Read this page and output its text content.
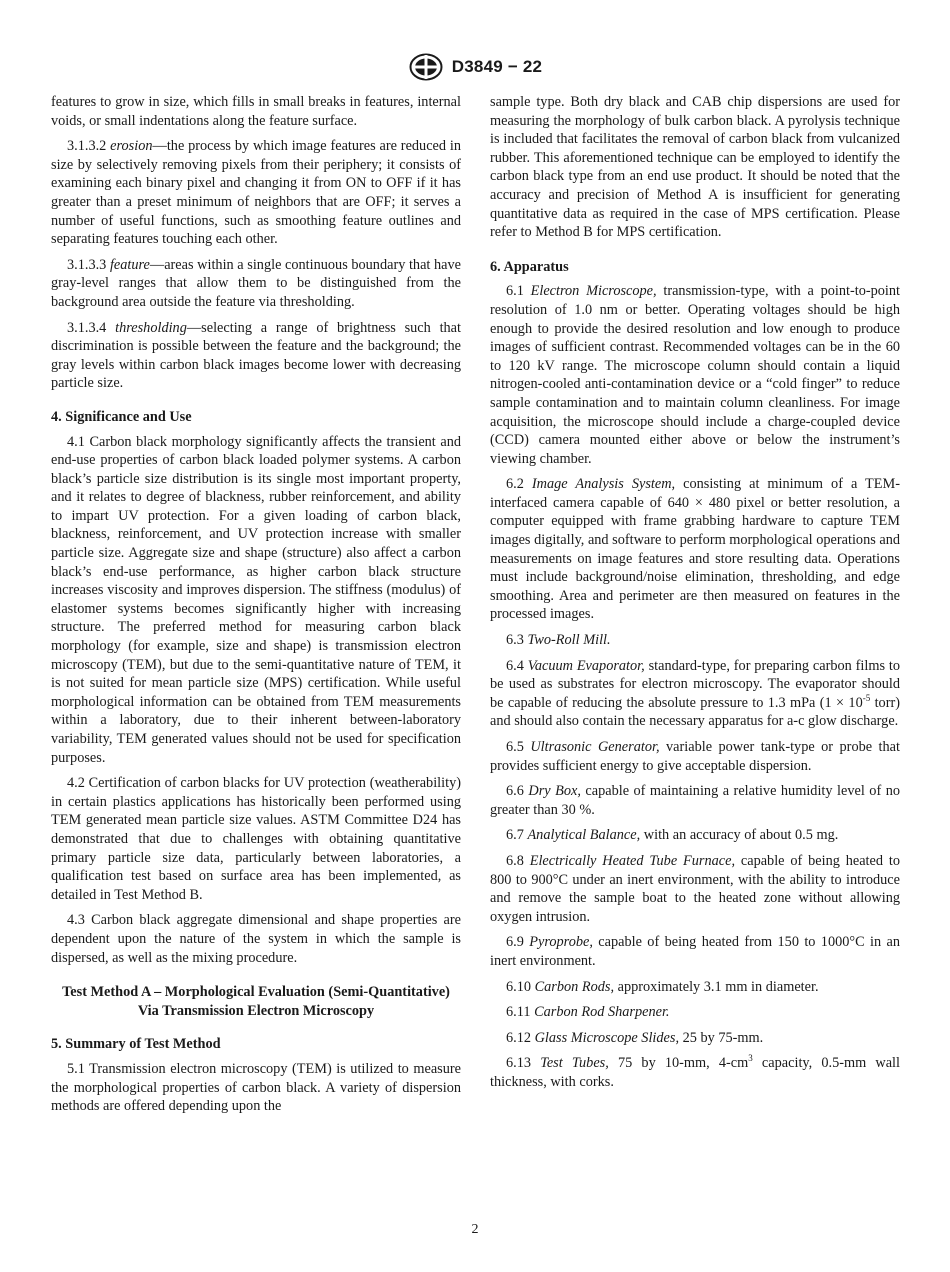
D3849 − 22

features to grow in size, which fills in small breaks in features, internal voids, or small indentations along the feature surface.

3.1.3.2 erosion—the process by which image features are reduced in size by selectively removing pixels from their periphery; it consists of examining each binary pixel and changing it from ON to OFF if it has greater than a preset minimum of neighbors that are OFF; it serves a number of useful functions, such as smoothing feature outlines and separating features touching each other.

3.1.3.3 feature—areas within a single continuous boundary that have gray-level ranges that allow them to be distinguished from the background area outside the feature via thresholding.

3.1.3.4 thresholding—selecting a range of brightness such that discrimination is possible between the feature and the background; the gray levels within carbon black images become lower with decreasing particle size.

4. Significance and Use

4.1 Carbon black morphology significantly affects the transient and end-use properties of carbon black loaded polymer systems. A carbon black’s particle size distribution is its single most important property, and it relates to degree of blackness, rubber reinforcement, and ability to impart UV protection. For a given loading of carbon black, blackness, reinforcement, and UV protection increase with smaller particle size. Aggregate size and shape (structure) also affect a carbon black’s end-use performance, as higher carbon black structure increases viscosity and improves dispersion. The stiffness (modulus) of elastomer systems becomes significantly higher with increasing structure. The preferred method for measuring carbon black morphology (for example, size and shape) is transmission electron microscopy (TEM), but due to the semi-quantitative nature of TEM, it is not suited for mean particle size (MPS) certification. While useful morphological information can be obtained from TEM measurements within a laboratory, due to their inherent between-laboratory variability, TEM generated values should not be used for specification purposes.

4.2 Certification of carbon blacks for UV protection (weatherability) in certain plastics applications has historically been performed using TEM generated mean particle size values. ASTM Committee D24 has demonstrated that due to challenges with obtaining quantitative primary particle size data, particularly between laboratories, a qualification test based on surface area has been implemented, as detailed in Test Method B.

4.3 Carbon black aggregate dimensional and shape properties are dependent upon the nature of the system in which the sample is dispersed, as well as the mixing procedure.

Test Method A – Morphological Evaluation (Semi-Quantitative) Via Transmission Electron Microscopy
5. Summary of Test Method

5.1 Transmission electron microscopy (TEM) is utilized to measure the morphological properties of carbon black. A variety of dispersion methods are offered depending upon the

sample type. Both dry black and CAB chip dispersions are used for measuring the morphology of bulk carbon black. A pyrolysis technique is included that facilitates the removal of carbon black from vulcanized rubber. This aforementioned technique can be employed to identify the carbon black type from an end use product. It should be noted that the accuracy and precision of Method A is insufficient for generating quantitative data as required in the case of MPS certification. Please refer to Method B for MPS certification.

6. Apparatus

6.1 Electron Microscope, transmission-type, with a point-to-point resolution of 1.0 nm or better. Operating voltages should be high enough to provide the desired resolution and low enough to produce images of sufficient contrast. Recommended voltages can be in the 60 to 120 kV range. The microscope column should contain a liquid nitrogen-cooled anti-contamination device or a “cold finger” to reduce sample contamination and to maintain column cleanliness. For image acquisition, the microscope should include a charge-coupled device (CCD) camera mounted either above or below the instrument’s viewing chamber.

6.2 Image Analysis System, consisting at minimum of a TEM-interfaced camera capable of 640 × 480 pixel or better resolution, a computer equipped with frame grabbing hardware to capture TEM images digitally, and software to perform morphological operations and measurements on image features and store resulting data. Operations must include background/noise elimination, thresholding, and edge smoothing. Area and perimeter are then measured on features in the processed images.

6.3 Two-Roll Mill.

6.4 Vacuum Evaporator, standard-type, for preparing carbon films to be used as substrates for electron microscopy. The evaporator should be capable of reducing the absolute pressure to 1.3 mPa ($1 \times 10^{-5}$ torr) and should also contain the necessary apparatus for a-c glow discharge.

6.5 Ultrasonic Generator, variable power tank-type or probe that provides sufficient energy to give acceptable dispersion.

6.6 Dry Box, capable of maintaining a relative humidity level of no greater than 30 %.

6.7 Analytical Balance, with an accuracy of about 0.5 mg.

6.8 Electrically Heated Tube Furnace, capable of being heated to 800 to 900°C under an inert environment, with the ability to introduce and remove the sample boat to the heated zone without allowing oxygen intrusion.

6.9 Pyroprobe, capable of being heated from 150 to 1000°C in an inert environment.

6.10 Carbon Rods, approximately 3.1 mm in diameter.

6.11 Carbon Rod Sharpener.

6.12 Glass Microscope Slides, 25 by 75-mm.

6.13 Test Tubes, 75 by 10-mm, $4-cm^3$ capacity, 0.5-mm wall thickness, with corks.

2
